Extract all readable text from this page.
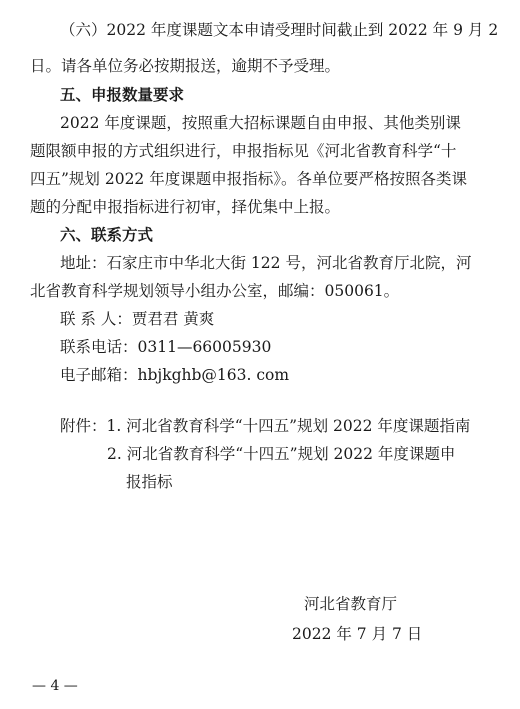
（六）2022 年度课题文本申请受理时间截止到 2022 年 9 月 2
日。请各单位务必按期报送，逾期不予受理。
五、申报数量要求
2022 年度课题，按照重大招标课题自由申报、其他类别课
题限额申报的方式组织进行，申报指标见《河北省教育科学“十
四五”规划 2022 年度课题申报指标》。各单位要严格按照各类课
题的分配申报指标进行初审，择优集中上报。
六、联系方式
地址：石家庄市中华北大街 122 号，河北省教育厅北院，河
北省教育科学规划领导小组办公室，邮编：050061。
联 系 人：贾君君 黄爽
联系电话：0311—66005930
电子邮箱：hbjkghb@163. com
附件：1. 河北省教育科学“十四五”规划 2022 年度课题指南
2. 河北省教育科学“十四五”规划 2022 年度课题申
报指标
河北省教育厅
2022 年 7 月 7 日
— 4 —
